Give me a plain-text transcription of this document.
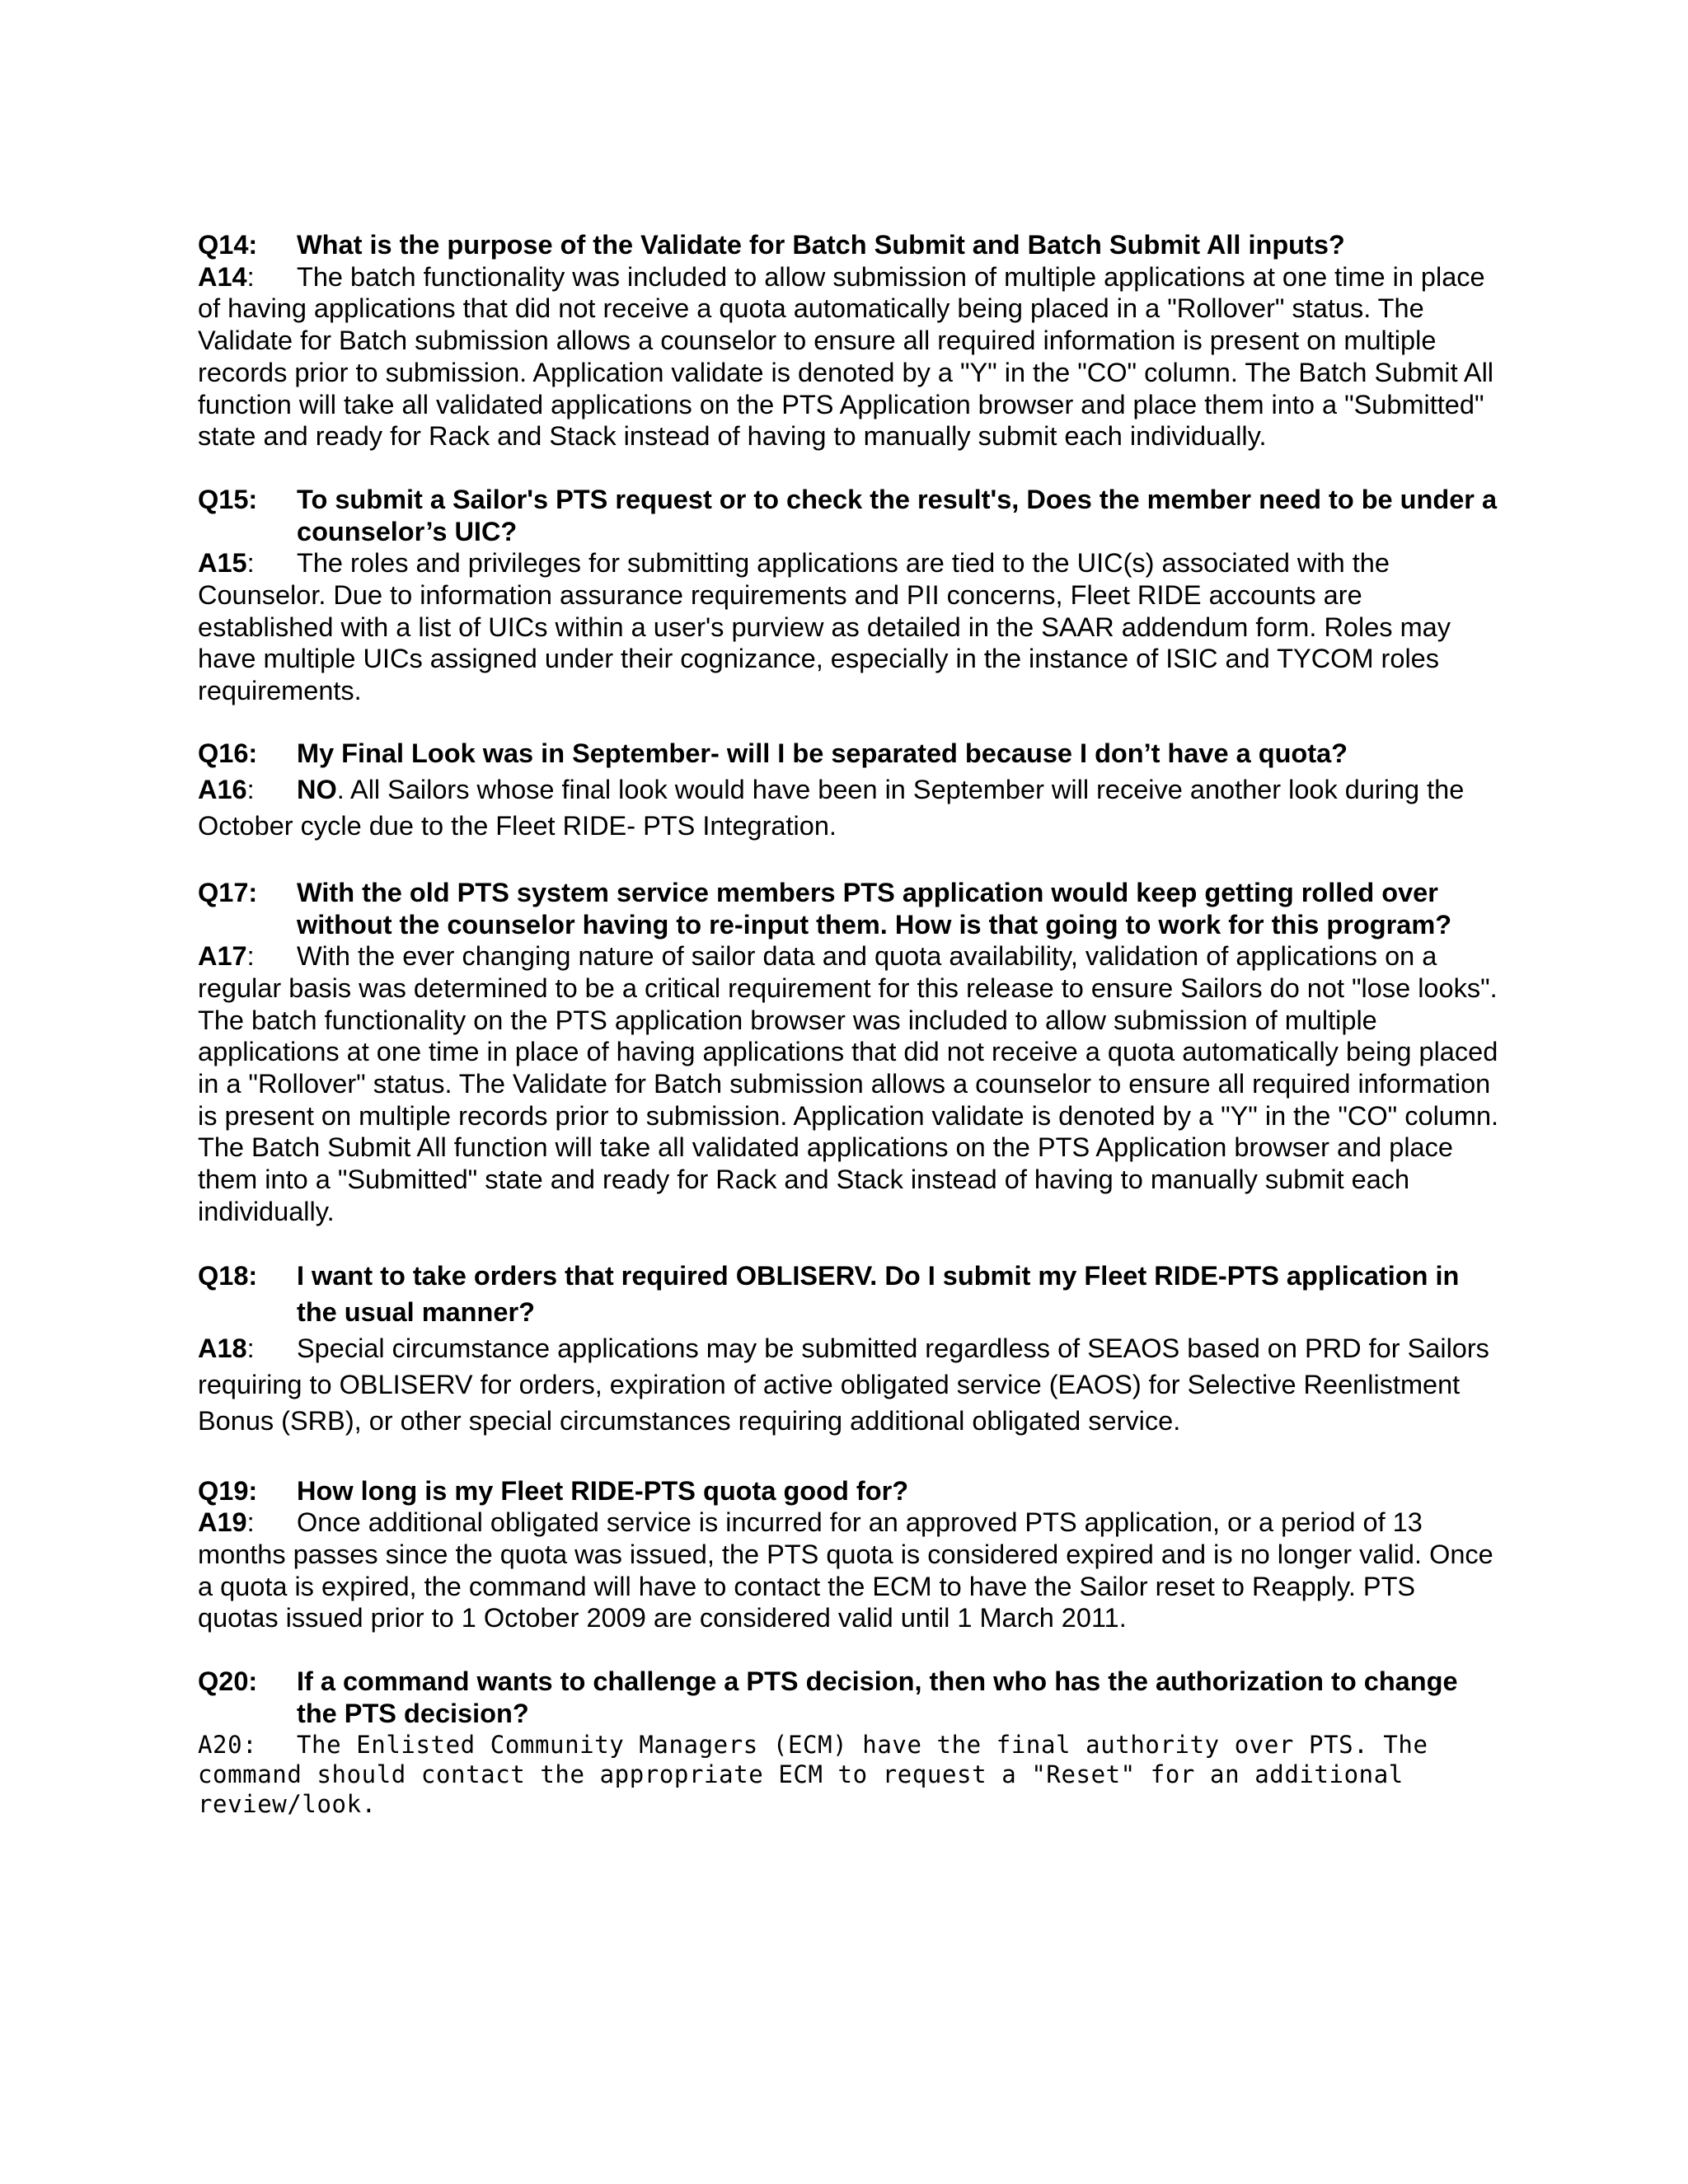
Q14: What is the purpose of the Validate for Batch Submit and Batch Submit All inputs?
A14: The batch functionality was included to allow submission of multiple applications at one time in place of having applications that did not receive a quota automatically being placed in a "Rollover" status. The Validate for Batch submission allows a counselor to ensure all required information is present on multiple records prior to submission. Application validate is denoted by a "Y" in the "CO" column. The Batch Submit All function will take all validated applications on the PTS Application browser and place them into a "Submitted" state and ready for Rack and Stack instead of having to manually submit each individually.
Q15: To submit a Sailor's PTS request or to check the result's, Does the member need to be under a counselor’s UIC?
A15: The roles and privileges for submitting applications are tied to the UIC(s) associated with the Counselor. Due to information assurance requirements and PII concerns, Fleet RIDE accounts are established with a list of UICs within a user's purview as detailed in the SAAR addendum form. Roles may have multiple UICs assigned under their cognizance, especially in the instance of ISIC and TYCOM roles requirements.
Q16: My Final Look was in September- will I be separated because I don’t have a quota?
A16: NO. All Sailors whose final look would have been in September will receive another look during the October cycle due to the Fleet RIDE- PTS Integration.
Q17: With the old PTS system service members PTS application would keep getting rolled over without the counselor having to re-input them. How is that going to work for this program?
A17: With the ever changing nature of sailor data and quota availability, validation of applications on a regular basis was determined to be a critical requirement for this release to ensure Sailors do not "lose looks". The batch functionality on the PTS application browser was included to allow submission of multiple applications at one time in place of having applications that did not receive a quota automatically being placed in a "Rollover" status. The Validate for Batch submission allows a counselor to ensure all required information is present on multiple records prior to submission. Application validate is denoted by a "Y" in the "CO" column. The Batch Submit All function will take all validated applications on the PTS Application browser and place them into a "Submitted" state and ready for Rack and Stack instead of having to manually submit each individually.
Q18: I want to take orders that required OBLISERV. Do I submit my Fleet RIDE-PTS application in the usual manner?
A18: Special circumstance applications may be submitted regardless of SEAOS based on PRD for Sailors requiring to OBLISERV for orders, expiration of active obligated service (EAOS) for Selective Reenlistment Bonus (SRB), or other special circumstances requiring additional obligated service.
Q19: How long is my Fleet RIDE-PTS quota good for?
A19: Once additional obligated service is incurred for an approved PTS application, or a period of 13 months passes since the quota was issued, the PTS quota is considered expired and is no longer valid. Once a quota is expired, the command will have to contact the ECM to have the Sailor reset to Reapply. PTS quotas issued prior to 1 October 2009 are considered valid until 1 March 2011.
Q20: If a command wants to challenge a PTS decision, then who has the authorization to change the PTS decision?
A20: The Enlisted Community Managers (ECM) have the final authority over PTS. The command should contact the appropriate ECM to request a "Reset" for an additional review/look.
